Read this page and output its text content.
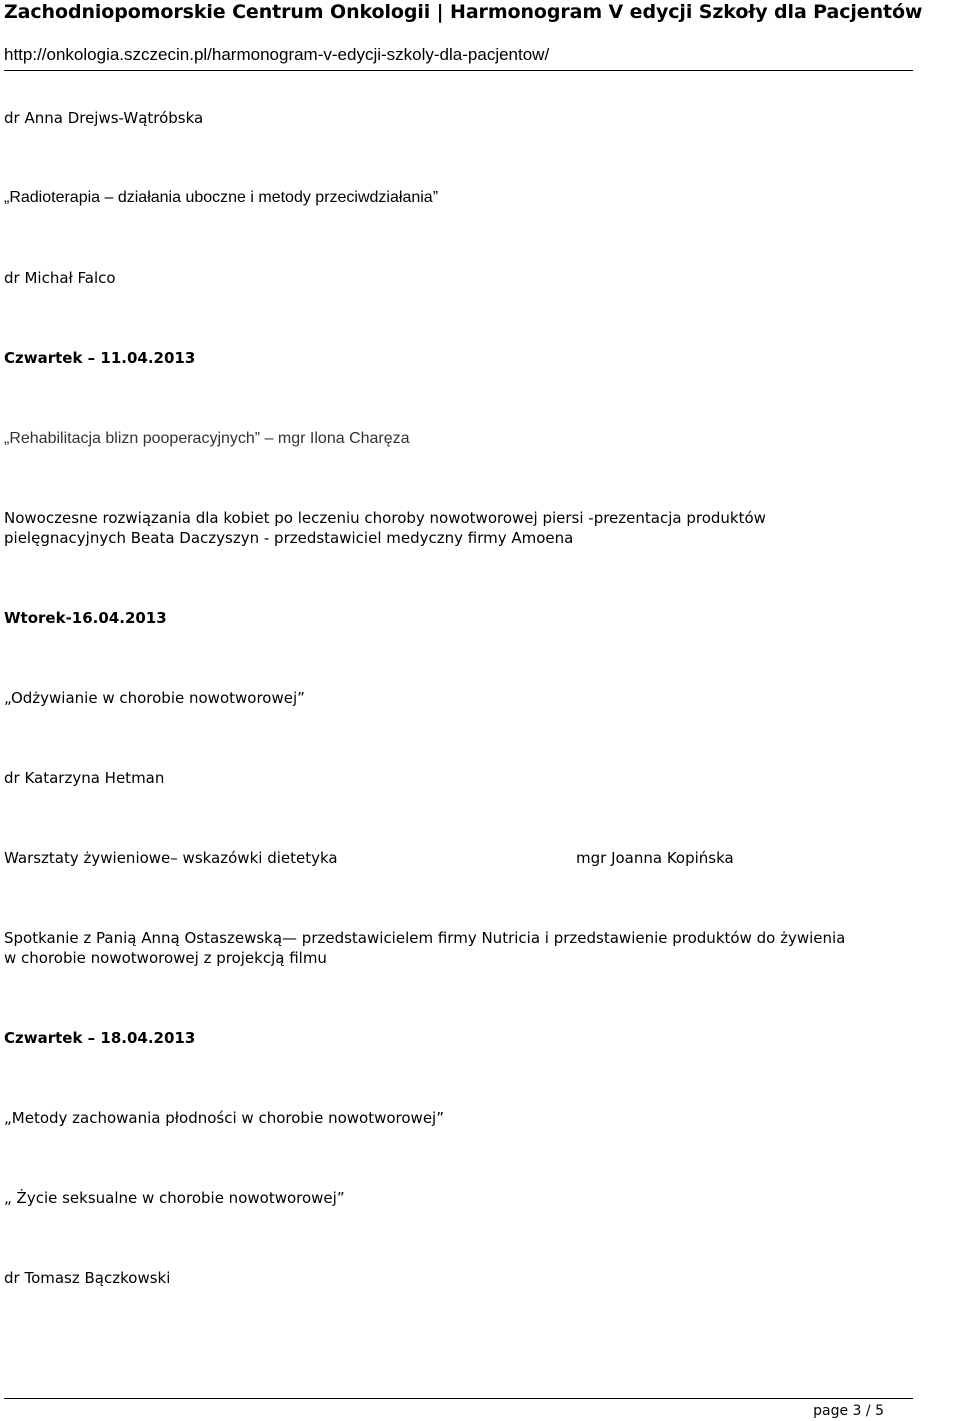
Zachodniopomorskie Centrum Onkologii | Harmonogram V edycji Szkoły dla Pacjentów
http://onkologia.szczecin.pl/harmonogram-v-edycji-szkoly-dla-pacjentow/
dr Anna Drejws-Wątróbska
„Radioterapia – działania uboczne i metody przeciwdziałania”
dr Michał Falco
Czwartek – 11.04.2013
„Rehabilitacja blizn pooperacyjnych” – mgr Ilona Charęza
Nowoczesne rozwiązania dla kobiet po leczeniu choroby nowotworowej piersi -prezentacja produktów
pielęgnacyjnych Beata Daczyszyn - przedstawiciel medyczny firmy Amoena
Wtorek-16.04.2013
„Odżywianie w chorobie nowotworowej”
dr Katarzyna Hetman
Warsztaty żywieniowe– wskazówki dietetyka	mgr Joanna Kopińska
Spotkanie z Panią Anną Ostaszewską— przedstawicielem firmy Nutricia i przedstawienie produktów do żywienia
w chorobie nowotworowej z projekcją filmu
Czwartek – 18.04.2013
„Metody zachowania płodności w chorobie nowotworowej”
„ Życie seksualne w chorobie nowotworowej”
dr Tomasz Bączkowski
page 3 / 5
